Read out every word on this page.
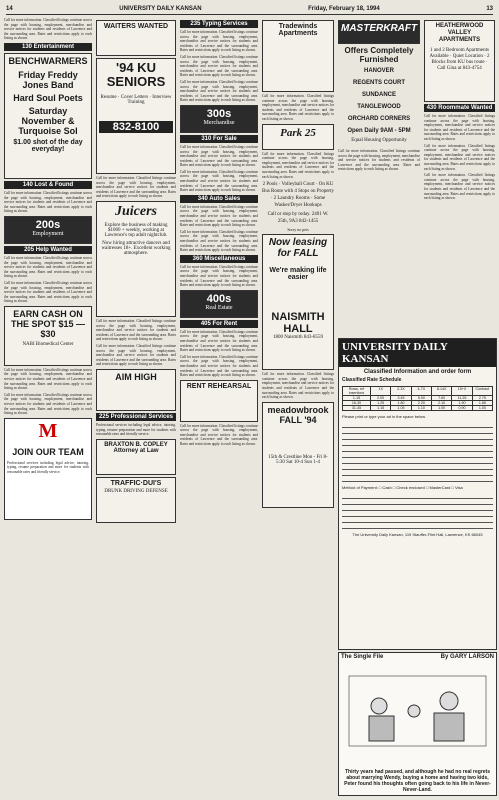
14	UNIVERSITY DAILY KANSAN	Friday, February 18, 1994	13

Call for more information. Classified listings continue across the page with housing, employment, merchandise and service notices for students and residents of Lawrence and the surrounding area. Rates and restrictions apply to each listing as shown.

130 Entertainment
BENCHWARMERS
Friday Freddy Jones Band
Hard Soul Poets
Saturday November & Turquoise Sol
$1.00 shot of the day everyday!
140 Lost & Found

Call for more information. Classified listings continue across the page with housing, employment, merchandise and service notices for students and residents of Lawrence and the surrounding area. Rates and restrictions apply to each listing as shown.

200s
Employment
205 Help Wanted

Call for more information. Classified listings continue across the page with housing, employment, merchandise and service notices for students and residents of Lawrence and the surrounding area. Rates and restrictions apply to each listing as shown.

Call for more information. Classified listings continue across the page with housing, employment, merchandise and service notices for students and residents of Lawrence and the surrounding area. Rates and restrictions apply to each listing as shown.

EARN CASH ON THE SPOT $15 — $30
NABI Biomedical Center

Call for more information. Classified listings continue across the page with housing, employment, merchandise and service notices for students and residents of Lawrence and the surrounding area. Rates and restrictions apply to each listing as shown.

Call for more information. Classified listings continue across the page with housing, employment, merchandise and service notices for students and residents of Lawrence and the surrounding area. Rates and restrictions apply to each listing as shown.

M
JOIN OUR TEAM

Professional services including legal advice, tutoring, typing, resume preparation and more for students with reasonable rates and friendly service.

WAITERS WANTED
'94 KU SENIORS
Resume · Cover Letters · Interview Training
832-8100

Call for more information. Classified listings continue across the page with housing, employment, merchandise and service notices for students and residents of Lawrence and the surrounding area. Rates and restrictions apply to each listing as shown.

Juicers
Explore the business of making $1000 + weekly, working at Lawrence's top adult nightclub.
Now hiring attractive dancers and waitresses 18+. Excellent working atmosphere.

Call for more information. Classified listings continue across the page with housing, employment, merchandise and service notices for students and residents of Lawrence and the surrounding area. Rates and restrictions apply to each listing as shown.

Call for more information. Classified listings continue across the page with housing, employment, merchandise and service notices for students and residents of Lawrence and the surrounding area. Rates and restrictions apply to each listing as shown.

AIM HIGH
225 Professional Services

Professional services including legal advice, tutoring, typing, resume preparation and more for students with reasonable rates and friendly service.

BRAXTON B. COPLEY Attorney at Law
TRAFFIC·DUI'S
DRUNK DRIVING DEFENSE
235 Typing Services

Call for more information. Classified listings continue across the page with housing, employment, merchandise and service notices for students and residents of Lawrence and the surrounding area. Rates and restrictions apply to each listing as shown.

Call for more information. Classified listings continue across the page with housing, employment, merchandise and service notices for students and residents of Lawrence and the surrounding area. Rates and restrictions apply to each listing as shown.

Call for more information. Classified listings continue across the page with housing, employment, merchandise and service notices for students and residents of Lawrence and the surrounding area. Rates and restrictions apply to each listing as shown.

300s
Merchandise
310 For Sale

Call for more information. Classified listings continue across the page with housing, employment, merchandise and service notices for students and residents of Lawrence and the surrounding area. Rates and restrictions apply to each listing as shown.

Call for more information. Classified listings continue across the page with housing, employment, merchandise and service notices for students and residents of Lawrence and the surrounding area. Rates and restrictions apply to each listing as shown.

340 Auto Sales

Call for more information. Classified listings continue across the page with housing, employment, merchandise and service notices for students and residents of Lawrence and the surrounding area. Rates and restrictions apply to each listing as shown.

Call for more information. Classified listings continue across the page with housing, employment, merchandise and service notices for students and residents of Lawrence and the surrounding area. Rates and restrictions apply to each listing as shown.

360 Miscellaneous

Call for more information. Classified listings continue across the page with housing, employment, merchandise and service notices for students and residents of Lawrence and the surrounding area. Rates and restrictions apply to each listing as shown.

400s
Real Estate
405 For Rent

Call for more information. Classified listings continue across the page with housing, employment, merchandise and service notices for students and residents of Lawrence and the surrounding area. Rates and restrictions apply to each listing as shown.

Call for more information. Classified listings continue across the page with housing, employment, merchandise and service notices for students and residents of Lawrence and the surrounding area. Rates and restrictions apply to each listing as shown.

RENT REHEARSAL

Call for more information. Classified listings continue across the page with housing, employment, merchandise and service notices for students and residents of Lawrence and the surrounding area. Rates and restrictions apply to each listing as shown.

Tradewinds Apartments

Call for more information. Classified listings continue across the page with housing, employment, merchandise and service notices for students and residents of Lawrence and the surrounding area. Rates and restrictions apply to each listing as shown.

Park 25

Call for more information. Classified listings continue across the page with housing, employment, merchandise and service notices for students and residents of Lawrence and the surrounding area. Rates and restrictions apply to each listing as shown.

2 Pools · Volleyball Court · On KU Bus Route with 4 Stops on Property · 2 Laundry Rooms · Some Washer/Dryer Hookups
Call or stop by today. 2401 W. 25th, 9A3 842-1455
Sorry no pets
Now leasing for FALL
We're making life easier
NAISMITH HALL
1800 Naismith 843-8559

Call for more information. Classified listings continue across the page with housing, employment, merchandise and service notices for students and residents of Lawrence and the surrounding area. Rates and restrictions apply to each listing as shown.

meadowbrook FALL '94
15th & Crestline Mon - Fri 8-5:30 Sat 10-4 Sun 1-4
MASTERKRAFT
Offers Completely Furnished
HANOVER
REGENTS COURT
SUNDANCE
TANGLEWOOD
ORCHARD CORNERS
Open Daily 9AM - 5PM
Equal Housing Opportunity

Call for more information. Classified listings continue across the page with housing, employment, merchandise and service notices for students and residents of Lawrence and the surrounding area. Rates and restrictions apply to each listing as shown.

HEATHERWOOD VALLEY APARTMENTS
1 and 2 Bedroom Apartments Available · Quiet Location · 2 Blocks from KU bus route · Call Gina at 843-4754
430 Roommate Wanted

Call for more information. Classified listings continue across the page with housing, employment, merchandise and service notices for students and residents of Lawrence and the surrounding area. Rates and restrictions apply to each listing as shown.

Call for more information. Classified listings continue across the page with housing, employment, merchandise and service notices for students and residents of Lawrence and the surrounding area. Rates and restrictions apply to each listing as shown.

Call for more information. Classified listings continue across the page with housing, employment, merchandise and service notices for students and residents of Lawrence and the surrounding area. Rates and restrictions apply to each listing as shown.

UNIVERSITY DAILY KANSAN
Classified Information and order form
Classified Rate Schedule
Rows, ref insertions
1X	2-3X	4-7X	8-14X	15+X	Contract
1-15	2.00	3.45	5.00	7.60	11.25	2.75
16-30	1.25	1.80	2.20	2.10	1.90	1.65
31-45	1.15	1.05	1.10	1.00	0.90	1.00
Please print or type your ad in the space below
Method of Payment: □ Cash □ Check enclosed □ MasterCard □ Visa
The University Daily Kansan, 119 Stauffer-Flint Hall, Lawrence, KS 66045
The Single File	By GARY LARSON
Thirty years had passed, and although he had no real regrets about marrying Wendy, buying a home and having two kids, Peter found his thoughts often going back to his life in Never-Never-Land.
